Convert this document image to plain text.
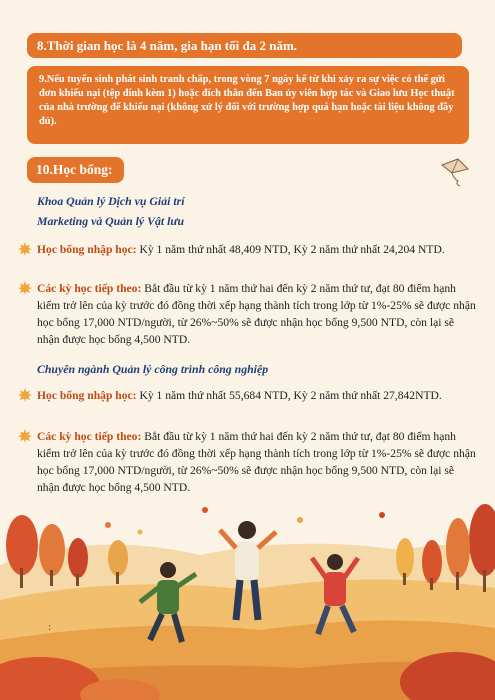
8.Thời gian học là 4 năm, gia hạn tối đa 2 năm.
9.Nếu tuyển sinh phát sinh tranh chấp, trong vòng 7 ngày kể từ khi xảy ra sự việc có thể gửi đơn khiếu nại (tệp đính kèm 1) hoặc đích thân đến Ban ủy viên hợp tác và Giao lưu Học thuật của nhà trường để khiếu nại (không xử lý đối với trường hợp quá hạn hoặc tài liệu không đầy đủ).
10.Học bổng:
Khoa Quản lý Dịch vụ Giải trí
Marketing và Quản lý Vật lưu
Học bổng nhập học: Kỳ 1 năm thứ nhất 48,409 NTD, Kỳ 2 năm thứ nhất 24,204 NTD.
Các kỳ học tiếp theo: Bắt đầu từ kỳ 1 năm thứ hai đến kỳ 2 năm thứ tư, đạt 80 điểm hạnh kiểm trở lên của kỳ trước đó đồng thời xếp hạng thành tích trong lớp từ 1%-25% sẽ được nhận học bổng 17,000 NTD/người, từ 26%~50% sẽ được nhận học bổng 9,500 NTD, còn lại sẽ nhận được học bổng 4,500 NTD.
Chuyên ngành Quản lý công trình công nghiệp
Học bổng nhập học: Kỳ 1 năm thứ nhất 55,684 NTD, Kỳ 2 năm thứ nhất 27,842NTD.
Các kỳ học tiếp theo: Bắt đầu từ kỳ 1 năm thứ hai đến kỳ 2 năm thứ tư, đạt 80 điểm hạnh kiểm trở lên của kỳ trước đó đồng thời xếp hạng thành tích trong lớp từ 1%-25% sẽ được nhận học bổng 17,000 NTD/người, từ 26%~50% sẽ được nhận học bổng 9,500 NTD, còn lại sẽ nhận được học bổng 4,500 NTD.
:
